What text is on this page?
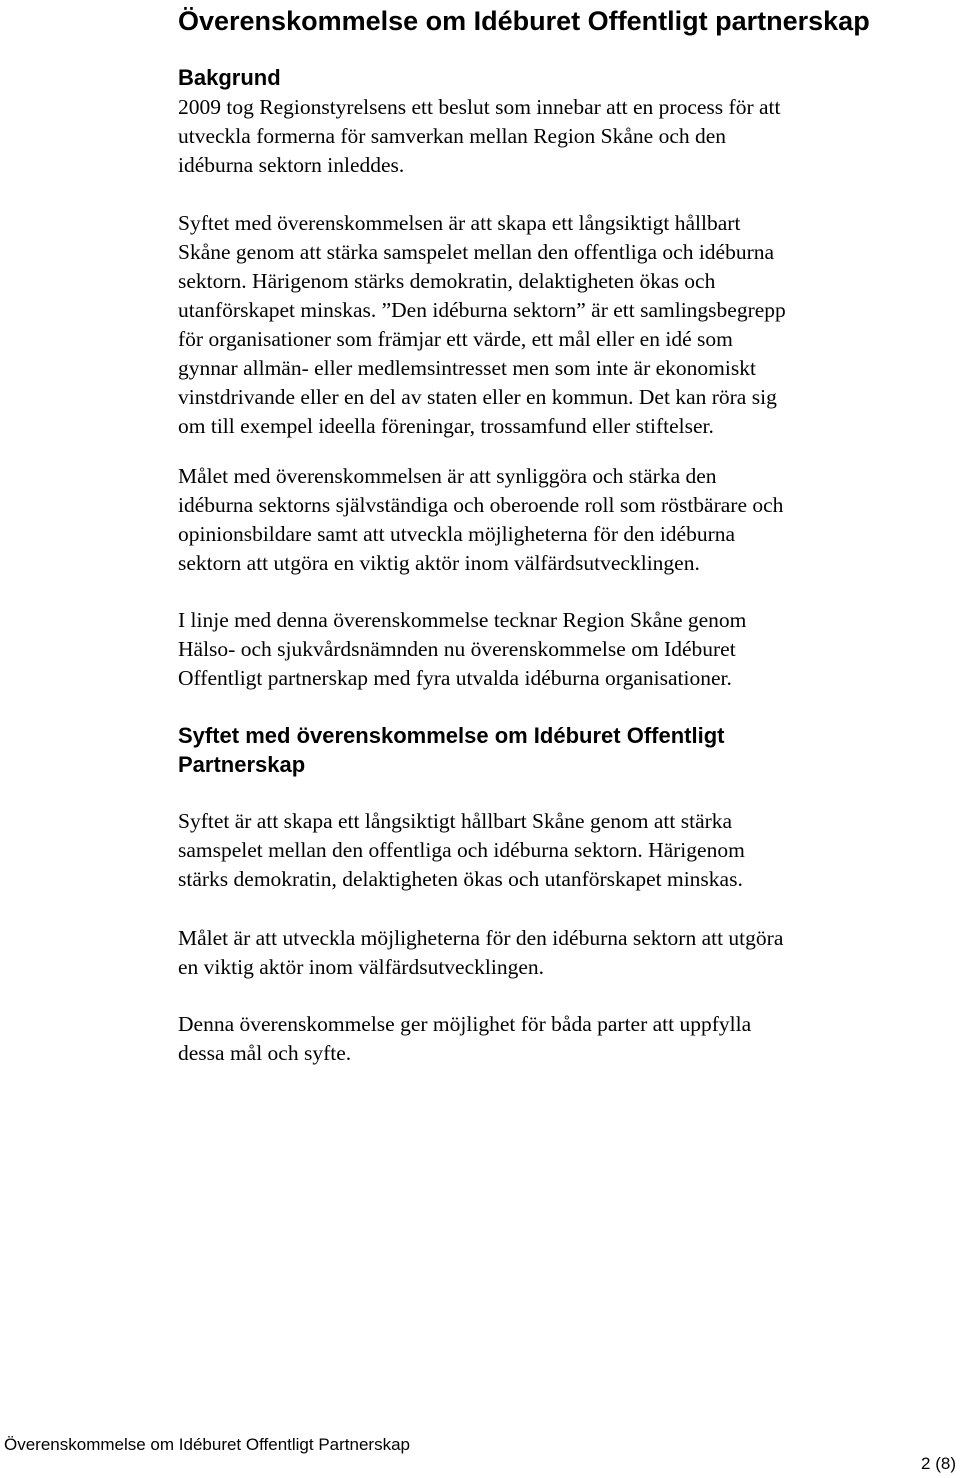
Överenskommelse om Idéburet Offentligt partnerskap
Bakgrund

2009 tog Regionstyrelsens ett beslut som innebar att en process för att
utveckla formerna för samverkan mellan Region Skåne och den
idéburna sektorn inleddes.

Syftet med överenskommelsen är att skapa ett långsiktigt hållbart
Skåne genom att stärka samspelet mellan den offentliga och idéburna
sektorn. Härigenom stärks demokratin, delaktigheten ökas och
utanförskapet minskas. ”Den idéburna sektorn” är ett samlingsbegrepp
för organisationer som främjar ett värde, ett mål eller en idé som
gynnar allmän- eller medlemsintresset men som inte är ekonomiskt
vinstdrivande eller en del av staten eller en kommun. Det kan röra sig
om till exempel ideella föreningar, trossamfund eller stiftelser.

Målet med överenskommelsen är att synliggöra och stärka den
idéburna sektorns självständiga och oberoende roll som röstbärare och
opinionsbildare samt att utveckla möjligheterna för den idéburna
sektorn att utgöra en viktig aktör inom välfärdsutvecklingen.

I linje med denna överenskommelse tecknar Region Skåne genom
Hälso- och sjukvårdsnämnden nu överenskommelse om Idéburet
Offentligt partnerskap med fyra utvalda idéburna organisationer.

Syftet med överenskommelse om Idéburet Offentligt
Partnerskap

Syftet är att skapa ett långsiktigt hållbart Skåne genom att stärka
samspelet mellan den offentliga och idéburna sektorn. Härigenom
stärks demokratin, delaktigheten ökas och utanförskapet minskas.

Målet är att utveckla möjligheterna för den idéburna sektorn att utgöra
en viktig aktör inom välfärdsutvecklingen.

Denna överenskommelse ger möjlighet för båda parter att uppfylla
dessa mål och syfte.

Överenskommelse om Idéburet Offentligt Partnerskap
2 (8)
